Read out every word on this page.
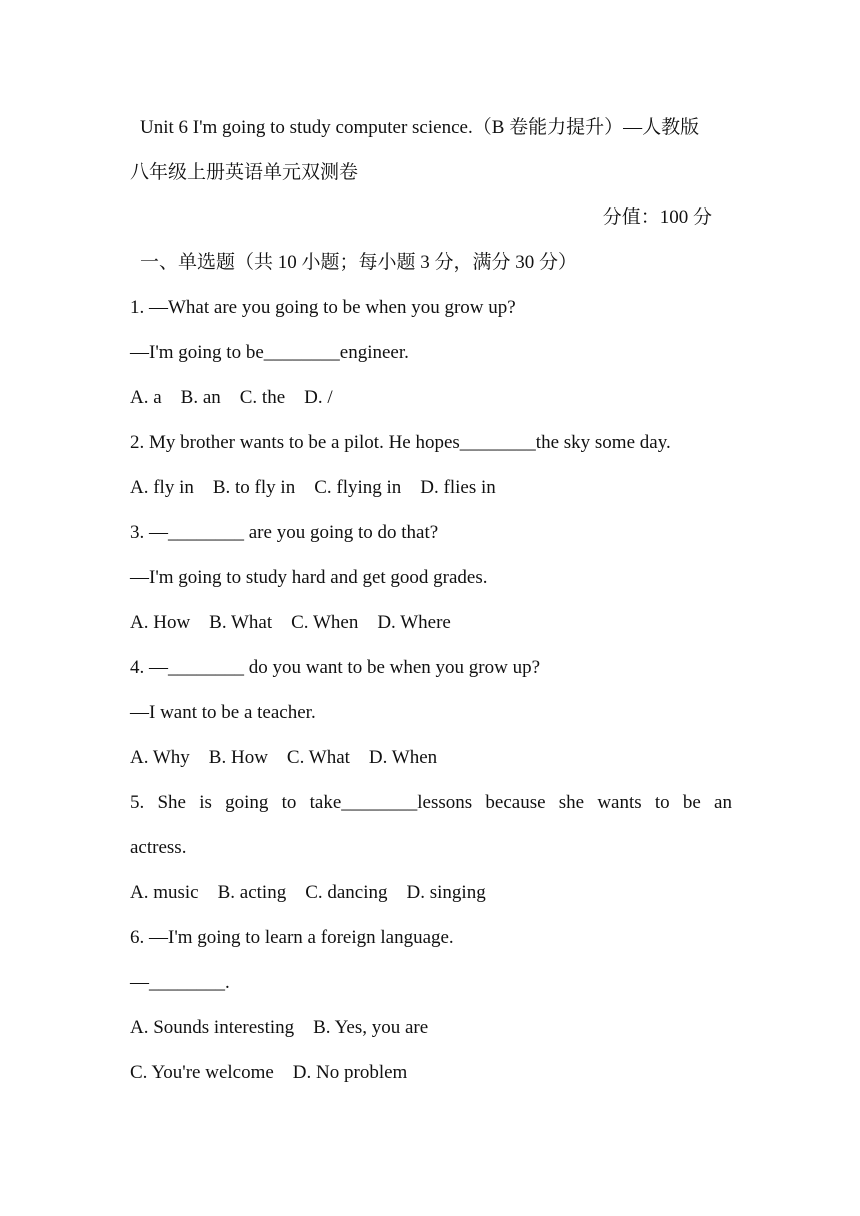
Unit 6 I'm going to study computer science.（B 卷能力提升）—人教版
八年级上册英语单元双测卷
分值：100 分
一、单选题（共 10 小题；每小题 3 分，满分 30 分）
1. —What are you going to be when you grow up?
—I'm going to be________engineer.
A. a    B. an    C. the    D. /
2. My brother wants to be a pilot. He hopes________the sky some day.
A. fly in    B. to fly in    C. flying in    D. flies in
3. —________ are you going to do that?
—I'm going to study hard and get good grades.
A. How    B. What    C. When    D. Where
4. —________ do you want to be when you grow up?
—I want to be a teacher.
A. Why    B. How    C. What    D. When
5. She is going to take________lessons because she wants to be an
actress.
A. music    B. acting    C. dancing    D. singing
6. —I'm going to learn a foreign language.
—________.
A. Sounds interesting    B. Yes, you are
C. You're welcome    D. No problem
